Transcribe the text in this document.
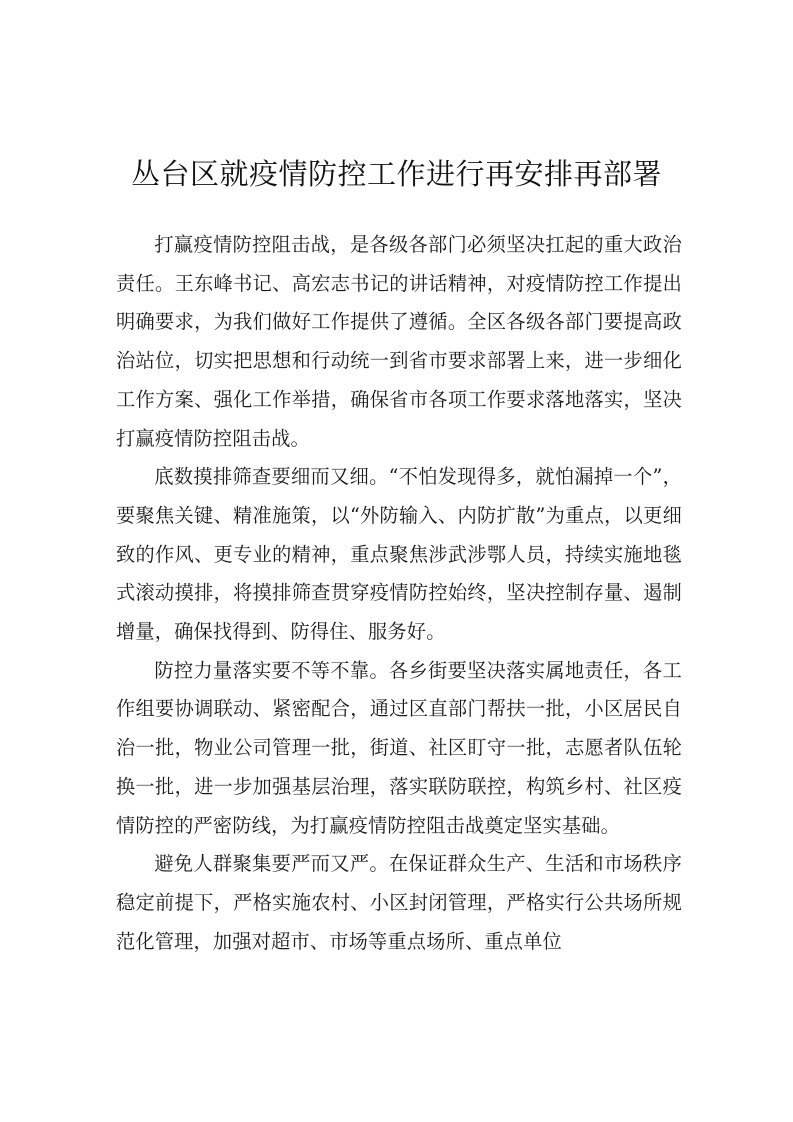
丛台区就疫情防控工作进行再安排再部署

打赢疫情防控阻击战，是各级各部门必须坚决扛起的重大政治责任。王东峰书记、高宏志书记的讲话精神，对疫情防控工作提出明确要求，为我们做好工作提供了遵循。全区各级各部门要提高政治站位，切实把思想和行动统一到省市要求部署上来，进一步细化工作方案、强化工作举措，确保省市各项工作要求落地落实，坚决打赢疫情防控阻击战。

底数摸排筛查要细而又细。“不怕发现得多，就怕漏掉一个”，要聚焦关键、精准施策，以“外防输入、内防扩散”为重点，以更细致的作风、更专业的精神，重点聚焦涉武涉鄂人员，持续实施地毯式滚动摸排，将摸排筛查贯穿疫情防控始终，坚决控制存量、遏制增量，确保找得到、防得住、服务好。

防控力量落实要不等不靠。各乡街要坚决落实属地责任，各工作组要协调联动、紧密配合，通过区直部门帮扶一批，小区居民自治一批，物业公司管理一批，街道、社区盯守一批，志愿者队伍轮换一批，进一步加强基层治理，落实联防联控，构筑乡村、社区疫情防控的严密防线，为打赢疫情防控阻击战奠定坚实基础。

避免人群聚集要严而又严。在保证群众生产、生活和市场秩序稳定前提下，严格实施农村、小区封闭管理，严格实行公共场所规范化管理，加强对超市、市场等重点场所、重点单位
